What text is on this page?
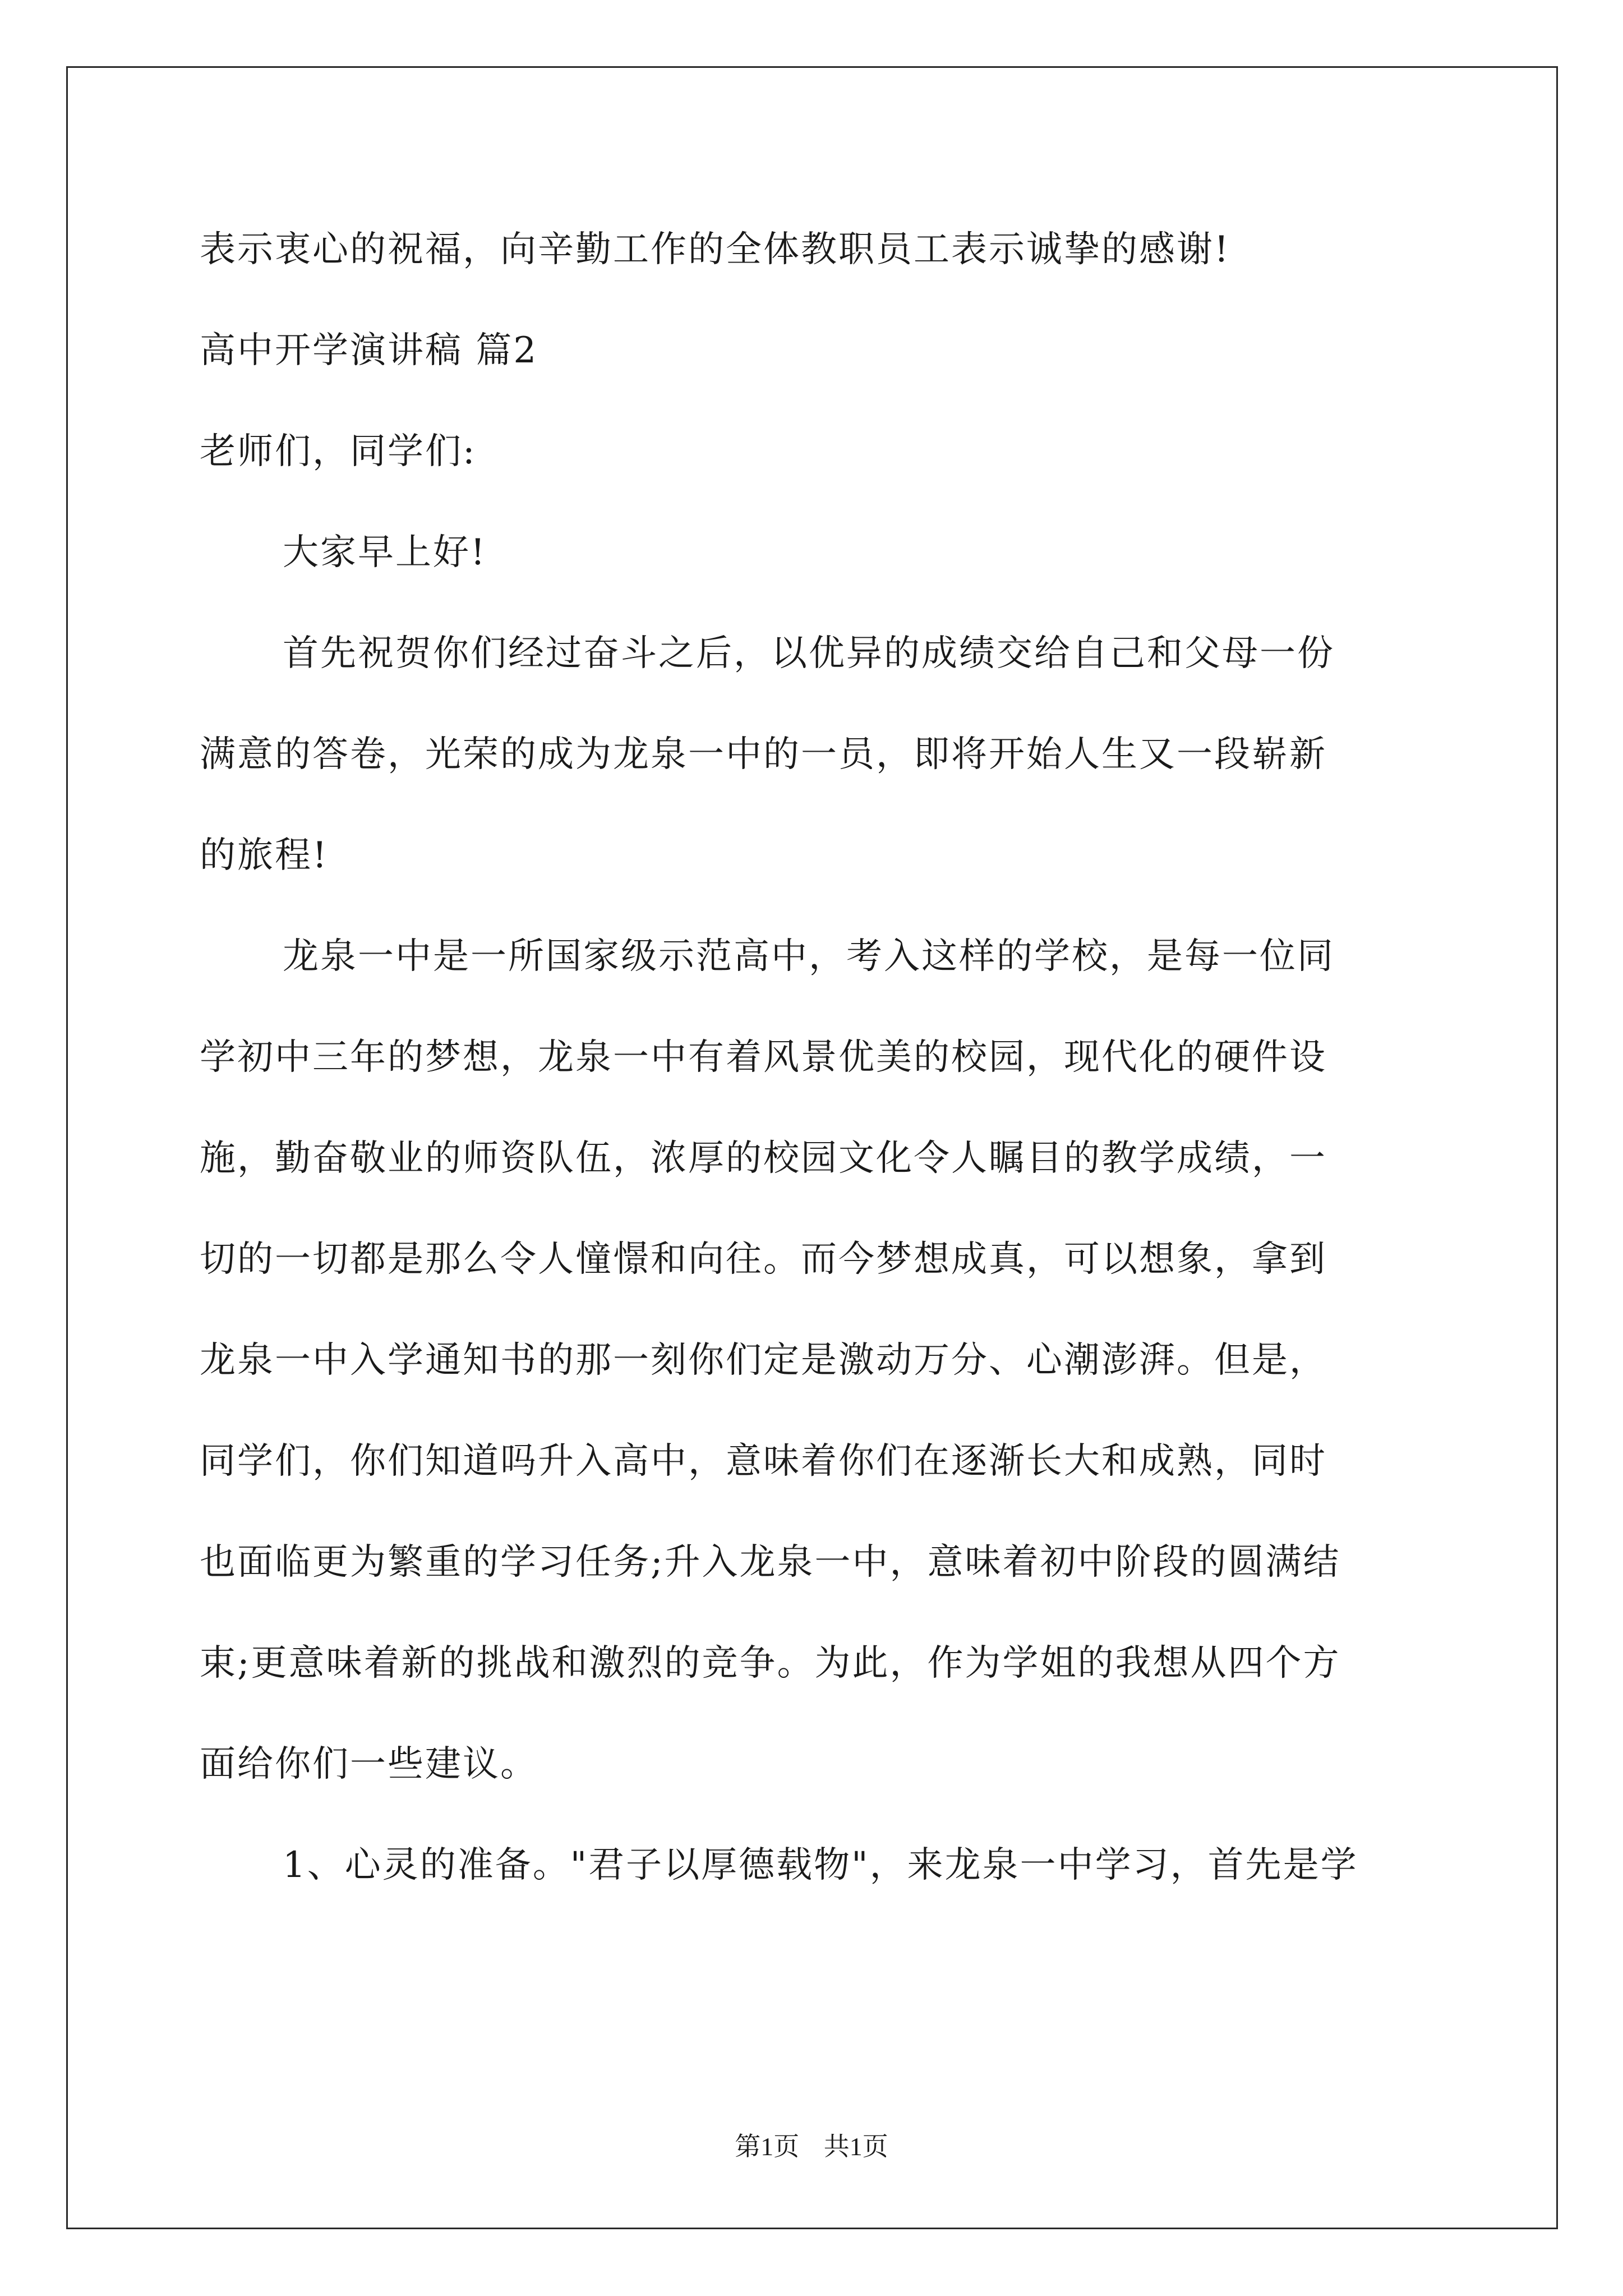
表示衷心的祝福，向辛勤工作的全体教职员工表示诚挚的感谢!
高中开学演讲稿 篇2
老师们，同学们:
大家早上好!
首先祝贺你们经过奋斗之后，以优异的成绩交给自己和父母一份
满意的答卷，光荣的成为龙泉一中的一员，即将开始人生又一段崭新
的旅程!
龙泉一中是一所国家级示范高中，考入这样的学校，是每一位同
学初中三年的梦想，龙泉一中有着风景优美的校园，现代化的硬件设
施，勤奋敬业的师资队伍，浓厚的校园文化令人瞩目的教学成绩，一
切的一切都是那么令人憧憬和向往。而今梦想成真，可以想象，拿到
龙泉一中入学通知书的那一刻你们定是激动万分、心潮澎湃。但是，
同学们，你们知道吗升入高中，意味着你们在逐渐长大和成熟，同时
也面临更为繁重的学习任务;升入龙泉一中，意味着初中阶段的圆满结
束;更意味着新的挑战和激烈的竞争。为此，作为学姐的我想从四个方
面给你们一些建议。
1、心灵的准备。"君子以厚德载物"，来龙泉一中学习，首先是学
第1页 共1页
